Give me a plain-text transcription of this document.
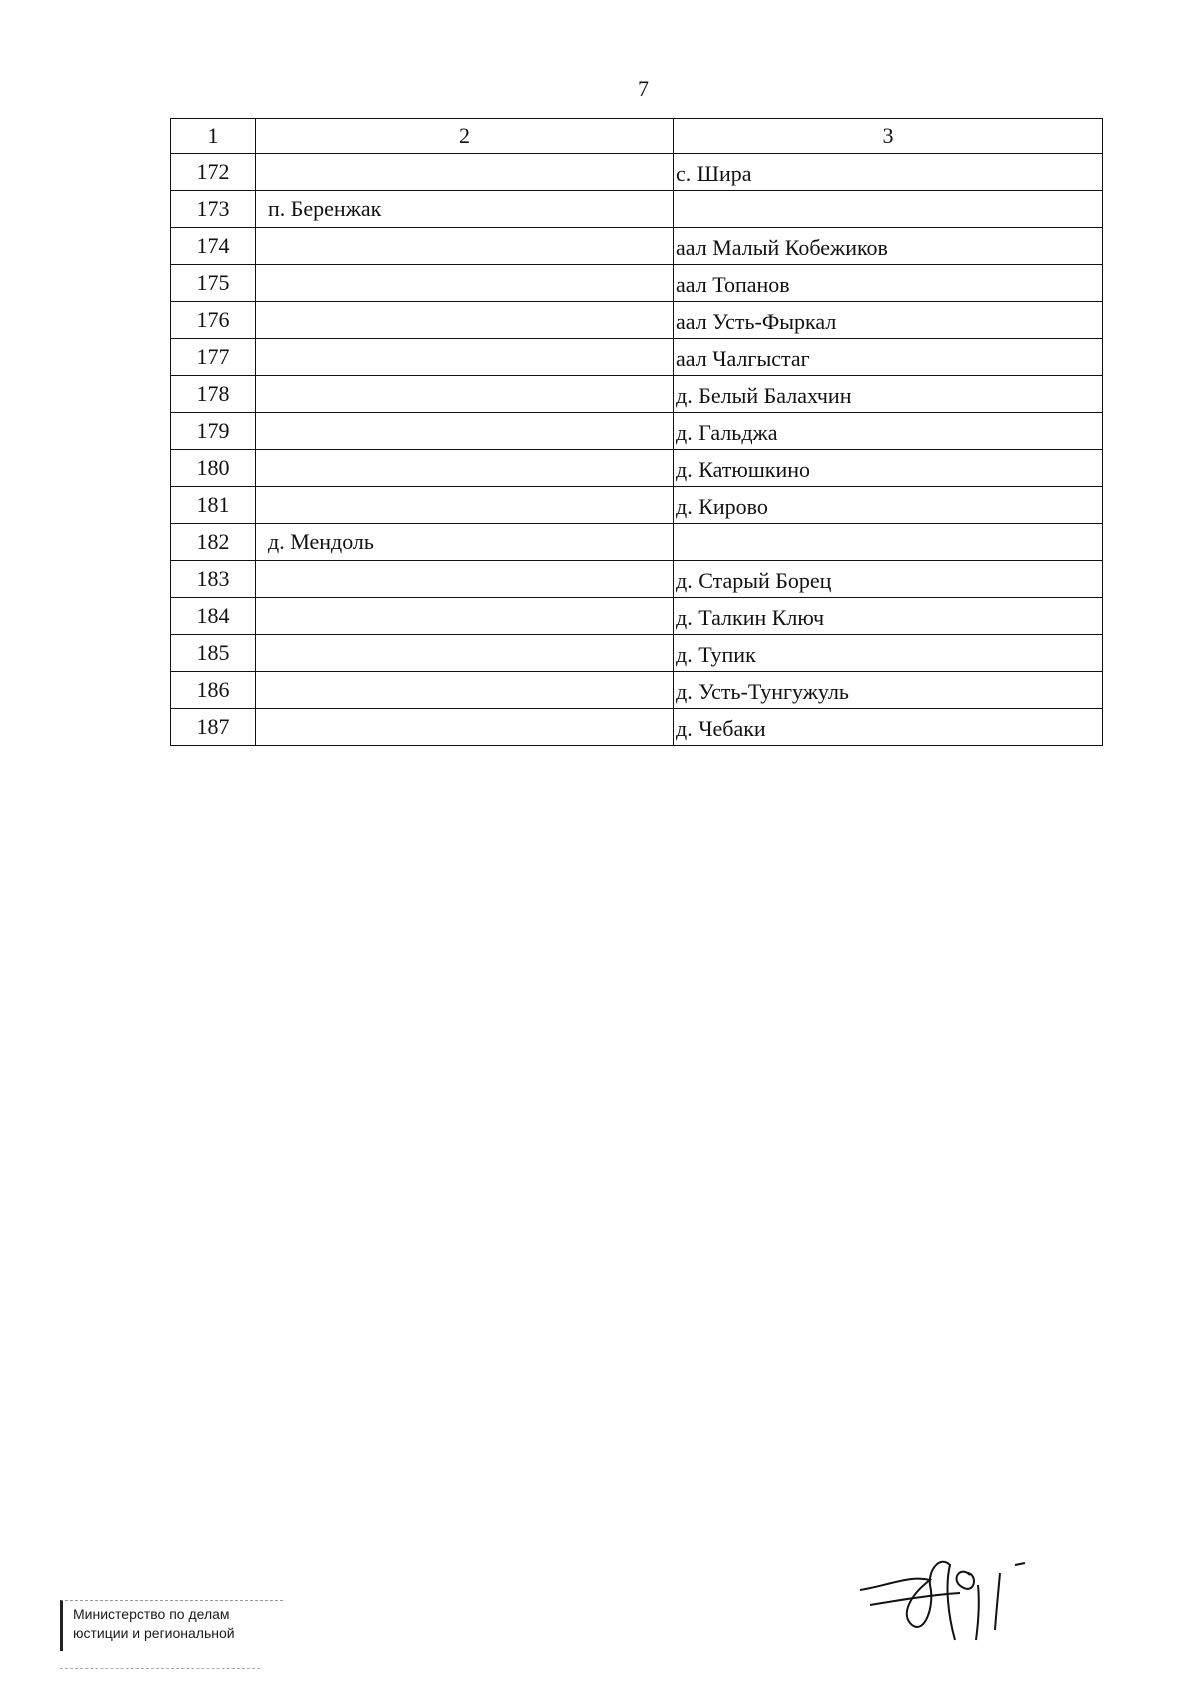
7
1	2	3
172		с. Шира
173	п. Беренжак	
174		аал Малый Кобежиков
175		аал Топанов
176		аал Усть-Фыркал
177		аал Чалгыстаг
178		д. Белый Балахчин
179		д. Гальджа
180		д. Катюшкино
181		д. Кирово
182	д. Мендоль	
183		д. Старый Борец
184		д. Талкин Ключ
185		д. Тупик
186		д. Усть-Тунгужуль
187		д. Чебаки
Министерство по делам
юстиции и региональной
